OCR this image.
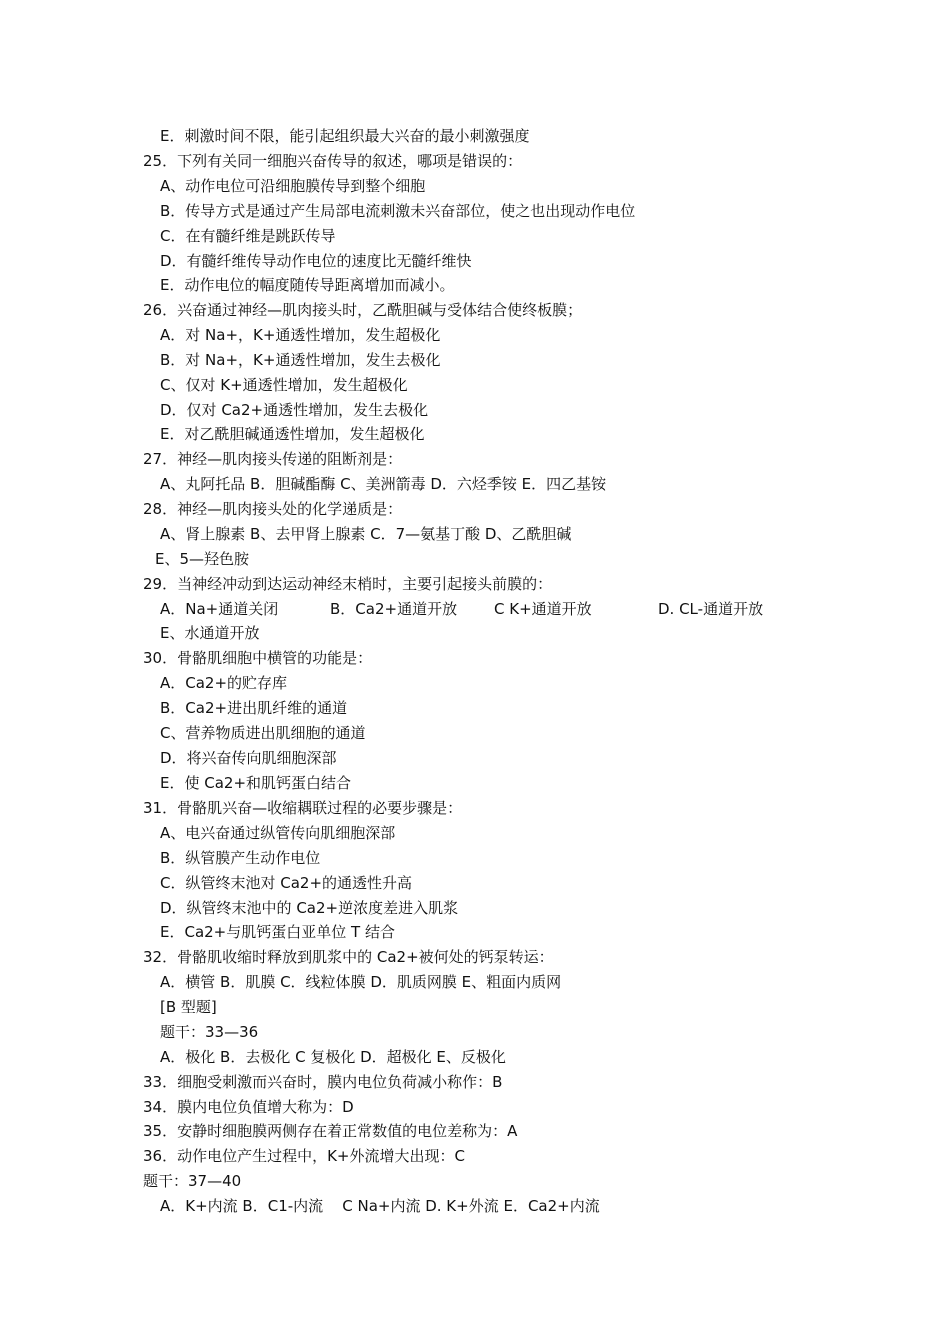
E．刺激时间不限，能引起组织最大兴奋的最小刺激强度
25．下列有关同一细胞兴奋传导的叙述，哪项是错误的：
A、动作电位可沿细胞膜传导到整个细胞
B．传导方式是通过产生局部电流刺激未兴奋部位，使之也出现动作电位
C．在有髓纤维是跳跃传导
D．有髓纤维传导动作电位的速度比无髓纤维快
E．动作电位的幅度随传导距离增加而减小。
26．兴奋通过神经—肌肉接头时，乙酰胆碱与受体结合使终板膜；
A．对 Na+，K+通透性增加，发生超极化
B．对 Na+，K+通透性增加，发生去极化
C、仅对 K+通透性增加，发生超极化
D．仅对 Ca2+通透性增加，发生去极化
E．对乙酰胆碱通透性增加，发生超极化
27．神经—肌肉接头传递的阻断剂是：
A、丸阿托品 B．胆碱酯酶 C、美洲箭毒 D．六烃季铵 E．四乙基铵
28．神经—肌肉接头处的化学递质是：
A、肾上腺素 B、去甲肾上腺素 C．7—氨基丁酸 D、乙酰胆碱
E、5—羟色胺
29．当神经冲动到达运动神经末梢时，主要引起接头前膜的：
A．Na+通道关闭	B．Ca2+通道开放 C K+通道开放	D. CL-通道开放
E、水通道开放
30．骨骼肌细胞中横管的功能是：
A．Ca2+的贮存库
B．Ca2+进出肌纤维的通道
C、营养物质进出肌细胞的通道
D．将兴奋传向肌细胞深部
E．使 Ca2+和肌钙蛋白结合
31．骨骼肌兴奋—收缩耦联过程的必要步骤是：
A、电兴奋通过纵管传向肌细胞深部
B．纵管膜产生动作电位
C．纵管终末池对 Ca2+的通透性升高
D．纵管终末池中的 Ca2+逆浓度差进入肌浆
E．Ca2+与肌钙蛋白亚单位 T 结合
32．骨骼肌收缩时释放到肌浆中的 Ca2+被何处的钙泵转运：
A．横管 B．肌膜 C．线粒体膜 D．肌质网膜 E、粗面内质网
[B 型题]
题干：33—36
A．极化 B．去极化 C 复极化 D．超极化 E、反极化
33．细胞受刺激而兴奋时，膜内电位负荷减小称作：B
34．膜内电位负值增大称为：D
35．安静时细胞膜两侧存在着正常数值的电位差称为：A
36．动作电位产生过程中，K+外流增大出现：C
题干：37—40
A．K+内流 B．C1-内流    C Na+内流 D. K+外流 E．Ca2+内流
